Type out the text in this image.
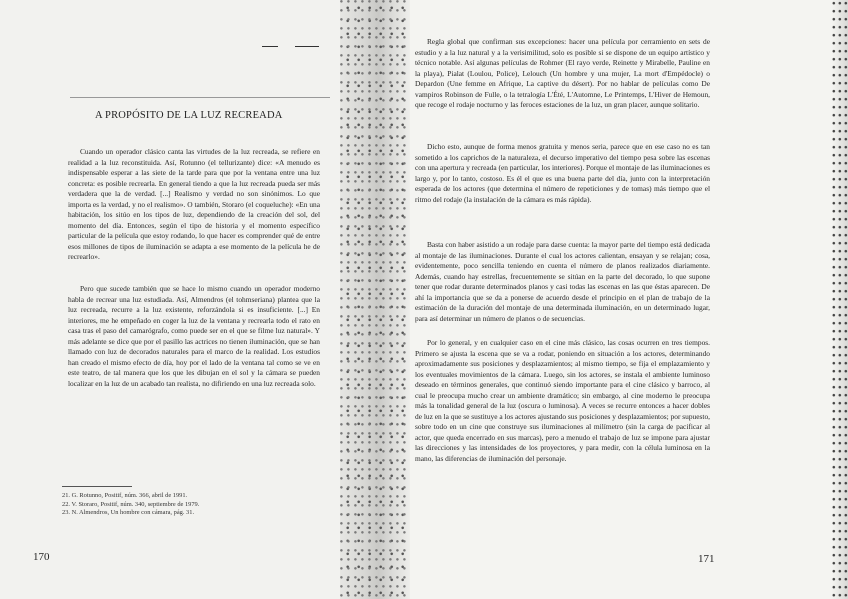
A PROPÓSITO DE LA LUZ RECREADA

Cuando un operador clásico canta las virtudes de la luz recreada, se refiere en realidad a la luz reconstituida. Así, Rotunno (el tellurizante) dice: «A menudo es indispensable esperar a las siete de la tarde para que por la ventana entre una luz concreta: es posible recrearla. En general tiendo a que la luz recreada pueda ser más verdadera que la de verdad. [...] Realismo y verdad no son sinónimos. Lo que importa es la verdad, y no el realismo». O también, Storaro (el coqueluche): «En una habitación, los sitúo en los tipos de luz, dependiendo de la creación del sol, del momento del día. Entonces, según el tipo de historia y el momento específico particular de la película que estoy rodando, lo que hacer es comprender qué de entre esos millones de tipos de iluminación se adapta a ese momento de la película he de recrearlo».

Pero que sucede también que se hace lo mismo cuando un operador moderno habla de recrear una luz estudiada. Así, Almendros (el tohmseriana) plantea que la luz recreada, recurre a la luz existente, reforzándola si es insuficiente. [...] En interiores, me he empeñado en coger la luz de la ventana y recrearla todo el rato en casa tras el paso del camarógrafo, como puede ser en el que se filme luz natural». Y más adelante se dice que por el pasillo las actrices no tienen iluminación, que se han llamado con luz de decorados naturales para el marco de la realidad. Los estudios han creado el mismo efecto de día, hoy por el lado de la ventana tal como se ve en este teatro, de tal manera que los que les dibujan en el sol y la cámara se pueden localizar en la luz de un acabado tan realista, no difiriendo en una luz recreada solo.

21. G. Rotunno, Positif, núm. 366, abril de 1991.
22. V. Storaro, Positif, núm. 340, septiembre de 1979.
23. N. Almendros, Un hombre con cámara, pág. 31.
170

Regla global que confirman sus excepciones: hacer una película por cerramiento en sets de estudio y a la luz natural y a la verisimilitud, solo es posible si se dispone de un equipo artístico y técnico notable. Así algunas películas de Rohmer (El rayo verde, Reinette y Mirabelle, Pauline en la playa), Pialat (Loulou, Police), Lelouch (Un hombre y una mujer, La mort d'Empédocle) o Depardon (Une femme en Afrique, La captive du désert). Por no hablar de películas como De vampiros Robinson de Fulle, o la tetralogía L'Été, L'Automne, Le Printemps, L'Hiver de Hemoun, que recoge el rodaje nocturno y las feroces estaciones de la luz, un gran placer, aunque solitario.

Dicho esto, aunque de forma menos gratuita y menos seria, parece que en ese caso no es tan sometido a los caprichos de la naturaleza, el decurso imperativo del tiempo pesa sobre las escenas con una apertura y recreada (en particular, los interiores). Porque el montaje de las iluminaciones es largo y, por lo tanto, costoso. Es él el que es una buena parte del día, junto con la interpretación esperada de los actores (que determina el número de repeticiones y de tomas) más tiempo que el ritmo del rodaje (la instalación de la cámara es más rápida).

Basta con haber asistido a un rodaje para darse cuenta: la mayor parte del tiempo está dedicada al montaje de las iluminaciones. Durante el cual los actores calientan, ensayan y se relajan; cosa, evidentemente, poco sencilla teniendo en cuenta el número de planos realizados diariamente. Además, cuando hay estrellas, frecuentemente se sitúan en la parte del decorado, lo que supone tener que rodar durante determinados planos y casi todas las escenas en las que éstas aparecen. De ahí la importancia que se da a ponerse de acuerdo desde el principio en el plan de trabajo de la estimación de la duración del montaje de una determinada iluminación, en un determinado lugar, para así determinar un número de planos o de secuencias.

Por lo general, y en cualquier caso en el cine más clásico, las cosas ocurren en tres tiempos. Primero se ajusta la escena que se va a rodar, poniendo en situación a los actores, determinando aproximadamente sus posiciones y desplazamientos; al mismo tiempo, se fija el emplazamiento y los eventuales movimientos de la cámara. Luego, sin los actores, se instala el ambiente luminoso deseado en términos generales, que continuó siendo importante para el cine clásico y barroco, al cual le preocupa mucho crear un ambiente dramático; sin embargo, al cine moderno le preocupa más la tonalidad general de la luz (oscura o luminosa). A veces se recurre entonces a hacer dobles de luz en la que se sustituye a los actores ajustando sus posiciones y desplazamientos; por supuesto, sobre todo en un cine que construye sus iluminaciones al milímetro (sin la carga de pacificar al actor, que queda encerrado en sus marcas), pero a menudo el trabajo de luz se impone para ajustar las direcciones y las intensidades de los proyectores, y para medir, con la célula luminosa en la mano, las diferencias de iluminación del personaje.

171
